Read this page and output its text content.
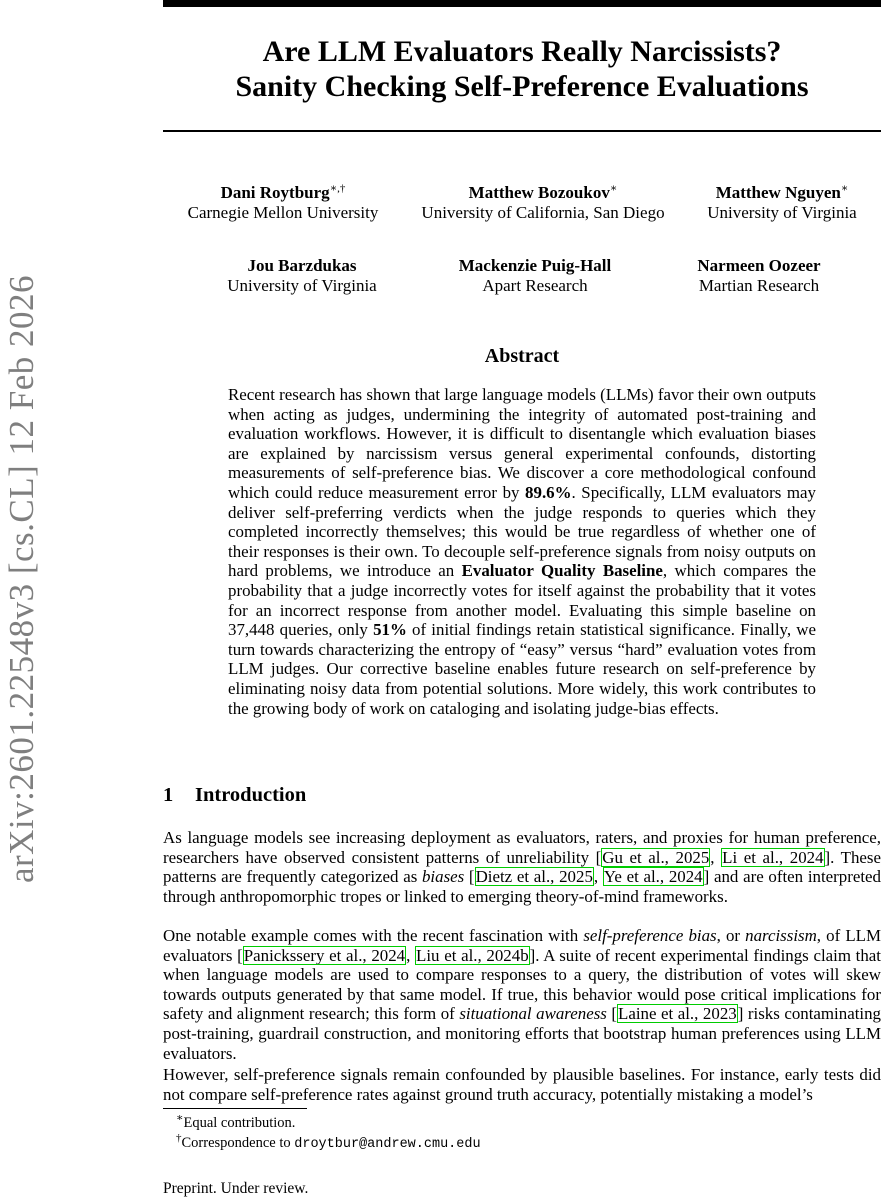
arXiv:2601.22548v3 [cs.CL] 12 Feb 2026
Are LLM Evaluators Really Narcissists?
Sanity Checking Self-Preference Evaluations
Dani Roytburg∗,†
Carnegie Mellon University
Matthew Bozoukov∗
University of California, San Diego
Matthew Nguyen∗
University of Virginia
Jou Barzdukas
University of Virginia
Mackenzie Puig-Hall
Apart Research
Narmeen Oozeer
Martian Research
Abstract
Recent research has shown that large language models (LLMs) favor their own outputs when acting as judges, undermining the integrity of automated post-training and evaluation workflows. However, it is difficult to disentangle which evaluation biases are explained by narcissism versus general experimental confounds, distorting measurements of self-preference bias. We discover a core methodological confound which could reduce measurement error by 89.6%. Specifically, LLM evaluators may deliver self-preferring verdicts when the judge responds to queries which they completed incorrectly themselves; this would be true regardless of whether one of their responses is their own. To decouple self-preference signals from noisy outputs on hard problems, we introduce an Evaluator Quality Baseline, which compares the probability that a judge incorrectly votes for itself against the probability that it votes for an incorrect response from another model. Evaluating this simple baseline on 37,448 queries, only 51% of initial findings retain statistical significance. Finally, we turn towards characterizing the entropy of “easy” versus “hard” evaluation votes from LLM judges. Our corrective baseline enables future research on self-preference by eliminating noisy data from potential solutions. More widely, this work contributes to the growing body of work on cataloging and isolating judge-bias effects.
1 Introduction
As language models see increasing deployment as evaluators, raters, and proxies for human preference, researchers have observed consistent patterns of unreliability [Gu et al., 2025, Li et al., 2024]. These patterns are frequently categorized as biases [Dietz et al., 2025, Ye et al., 2024] and are often interpreted through anthropomorphic tropes or linked to emerging theory-of-mind frameworks.
One notable example comes with the recent fascination with self-preference bias, or narcissism, of LLM evaluators [Panickssery et al., 2024, Liu et al., 2024b]. A suite of recent experimental findings claim that when language models are used to compare responses to a query, the distribution of votes will skew towards outputs generated by that same model. If true, this behavior would pose critical implications for safety and alignment research; this form of situational awareness [Laine et al., 2023] risks contaminating post-training, guardrail construction, and monitoring efforts that bootstrap human preferences using LLM evaluators.
However, self-preference signals remain confounded by plausible baselines. For instance, early tests did not compare self-preference rates against ground truth accuracy, potentially mistaking a model’s
∗Equal contribution.
†Correspondence to droytbur@andrew.cmu.edu
Preprint. Under review.
